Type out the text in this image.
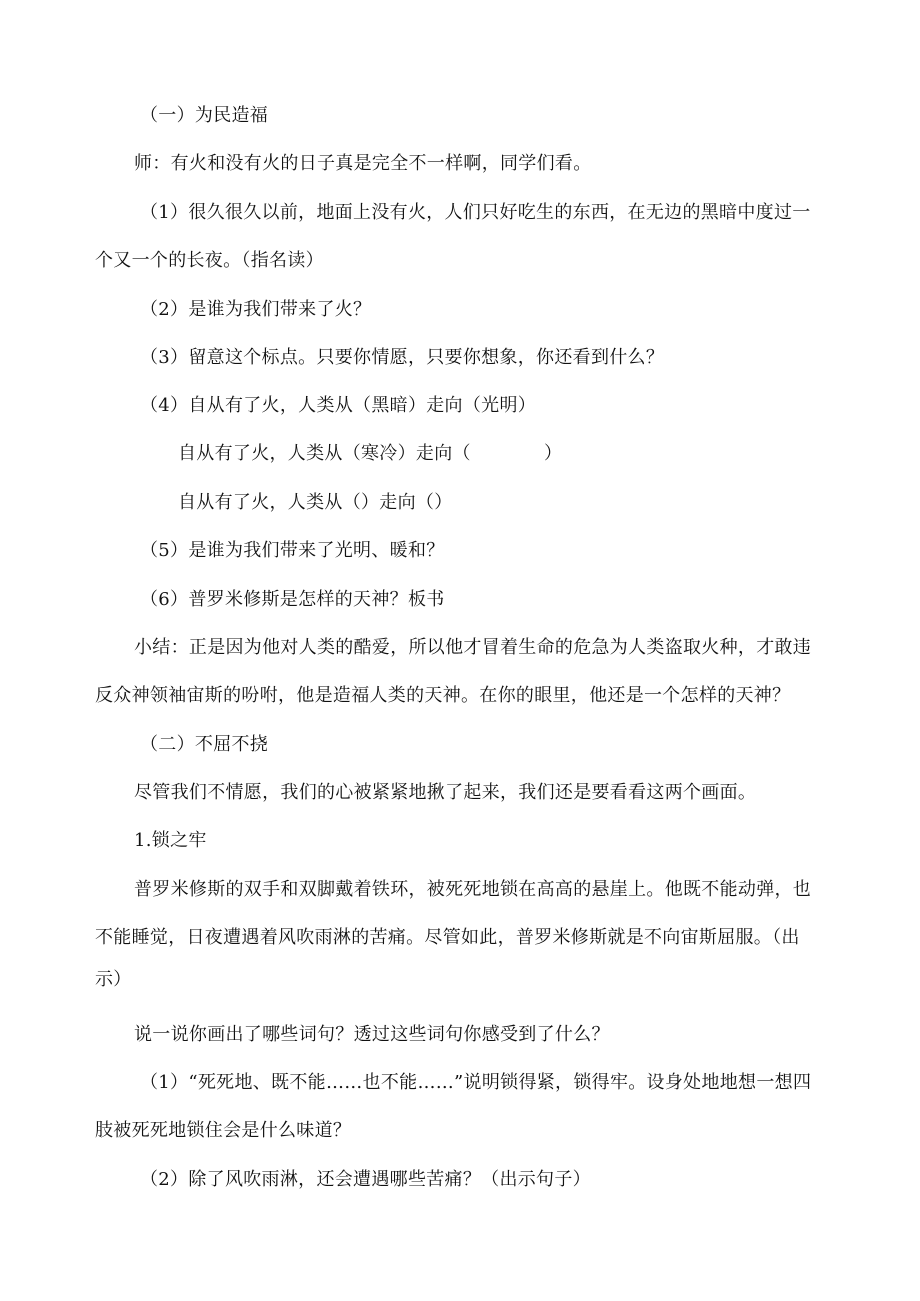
（一）为民造福
师：有火和没有火的日子真是完全不一样啊，同学们看。
（1）很久很久以前，地面上没有火，人们只好吃生的东西，在无边的黑暗中度过一
个又一个的长夜。（指名读）
（2）是谁为我们带来了火？
（3）留意这个标点。只要你情愿，只要你想象，你还看到什么？
（4）自从有了火，人类从（黑暗）走向（光明）
自从有了火，人类从（寒冷）走向（　　　　）
自从有了火，人类从（）走向（）
（5）是谁为我们带来了光明、暖和？
（6）普罗米修斯是怎样的天神？板书
小结：正是因为他对人类的酷爱，所以他才冒着生命的危急为人类盗取火种，才敢违
反众神领袖宙斯的吩咐，他是造福人类的天神。在你的眼里，他还是一个怎样的天神？
（二）不屈不挠
尽管我们不情愿，我们的心被紧紧地揪了起来，我们还是要看看这两个画面。
1.锁之牢
普罗米修斯的双手和双脚戴着铁环，被死死地锁在高高的悬崖上。他既不能动弹，也
不能睡觉，日夜遭遇着风吹雨淋的苦痛。尽管如此，普罗米修斯就是不向宙斯屈服。（出
示）
说一说你画出了哪些词句？透过这些词句你感受到了什么？
（1）“死死地、既不能……也不能……”说明锁得紧，锁得牢。设身处地地想一想四
肢被死死地锁住会是什么味道？
（2）除了风吹雨淋，还会遭遇哪些苦痛？（出示句子）
